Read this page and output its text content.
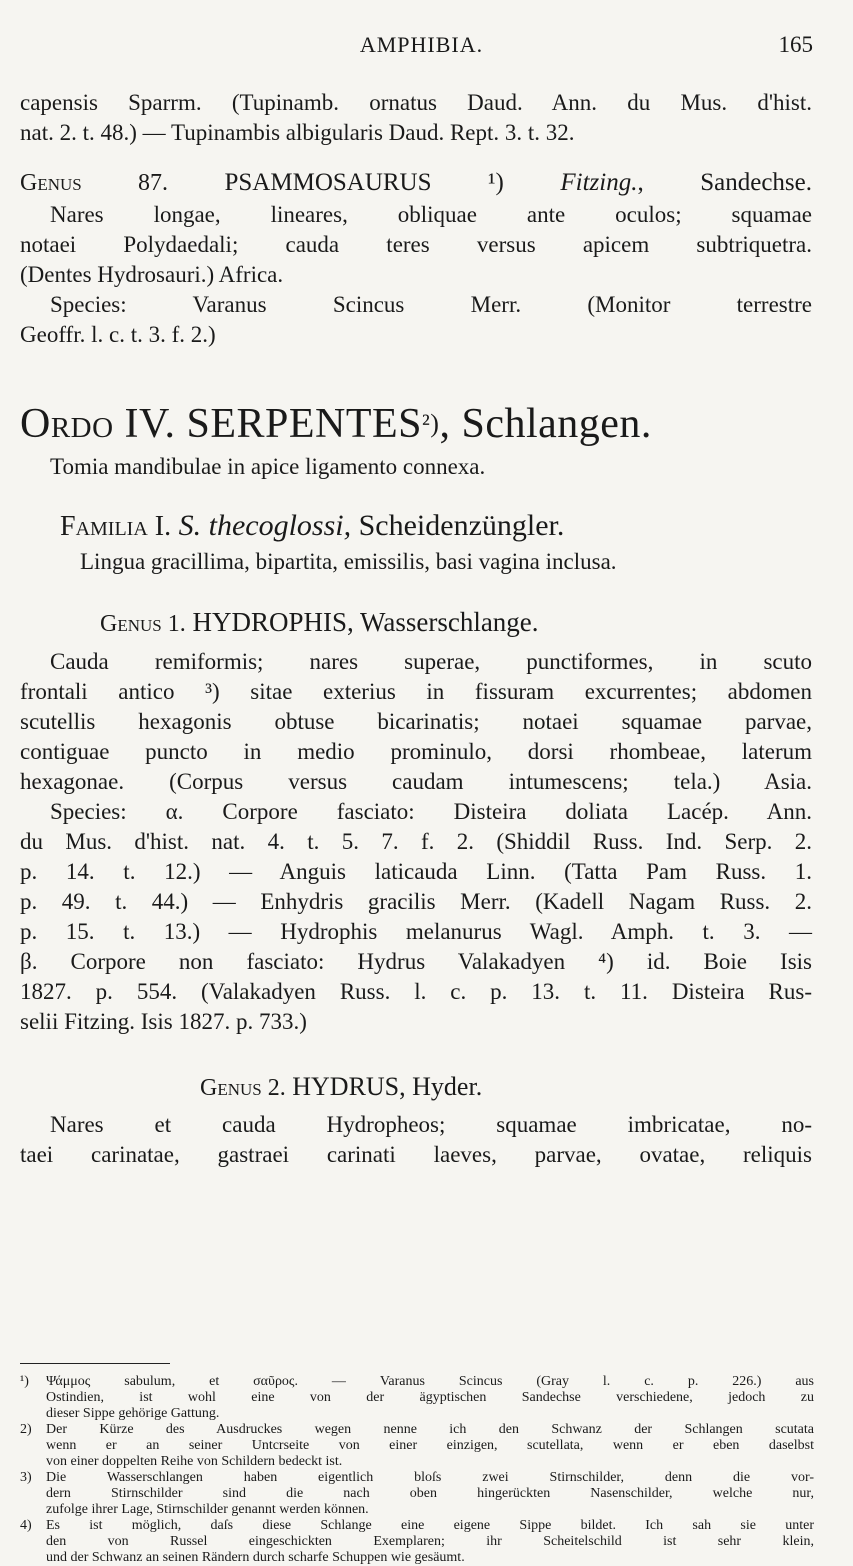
AMPHIBIA.	165

capensis Sparrm. (Tupinamb. ornatus Daud. Ann. du Mus. d'hist.

nat. 2. t. 48.) — Tupinambis albigularis Daud. Rept. 3. t. 32.

Genus 87. PSAMMOSAURUS ¹) Fitzing., Sandechse.

Nares longae, lineares, obliquae ante oculos; squamae

notaei Polydaedali; cauda teres versus apicem subtriquetra.

(Dentes Hydrosauri.) Africa.

Species: Varanus Scincus Merr. (Monitor terrestre

Geoffr. l. c. t. 3. f. 2.)

Ordo IV. $SERPENTES^{^2)}$, Schlangen.

Tomia mandibulae in apice ligamento connexa.

Familia I. S. thecoglossi, Scheidenzüngler.

Lingua gracillima, bipartita, emissilis, basi vagina inclusa.

Genus 1. HYDROPHIS, Wasserschlange.

Cauda remiformis; nares superae, punctiformes, in scuto

frontali antico ³) sitae exterius in fissuram excurrentes; abdomen

scutellis hexagonis obtuse bicarinatis; notaei squamae parvae,

contiguae puncto in medio prominulo, dorsi rhombeae, laterum

hexagonae. (Corpus versus caudam intumescens; tela.) Asia.

Species: α. Corpore fasciato: Disteira doliata Lacép. Ann.

du Mus. d'hist. nat. 4. t. 5. 7. f. 2. (Shiddil Russ. Ind. Serp. 2.

p. 14. t. 12.) — Anguis laticauda Linn. (Tatta Pam Russ. 1.

p. 49. t. 44.) — Enhydris gracilis Merr. (Kadell Nagam Russ. 2.

p. 15. t. 13.) — Hydrophis melanurus Wagl. Amph. t. 3. —

β. Corpore non fasciato: Hydrus Valakadyen ⁴) id. Boie Isis

1827. p. 554. (Valakadyen Russ. l. c. p. 13. t. 11. Disteira Rus-

selii Fitzing. Isis 1827. p. 733.)

Genus 2. HYDRUS, Hyder.

Nares et cauda Hydropheos; squamae imbricatae, no-

taei carinatae, gastraei carinati laeves, parvae, ovatae, reliquis

¹)	Ψάμμος sabulum, et σαῦρος. — Varanus Scincus (Gray l. c. p. 226.) aus
Ostindien, ist wohl eine von der ägyptischen Sandechse verschiedene, jedoch zu
dieser Sippe gehörige Gattung.
2)	Der Kürze des Ausdruckes wegen nenne ich den Schwanz der Schlangen scutata
wenn er an seiner Untcrseite von einer einzigen, scutellata, wenn er eben daselbst
von einer doppelten Reihe von Schildern bedeckt ist.
3)	Die Wasserschlangen haben eigentlich bloſs zwei Stirnschilder, denn die vor-
dern Stirnschilder sind die nach oben hingerückten Nasenschilder, welche nur,
zufolge ihrer Lage, Stirnschilder genannt werden können.
4)	Es ist möglich, daſs diese Schlange eine eigene Sippe bildet. Ich sah sie unter
den von Russel eingeschickten Exemplaren; ihr Scheitelschild ist sehr klein,
und der Schwanz an seinen Rändern durch scharfe Schuppen wie gesäumt.
